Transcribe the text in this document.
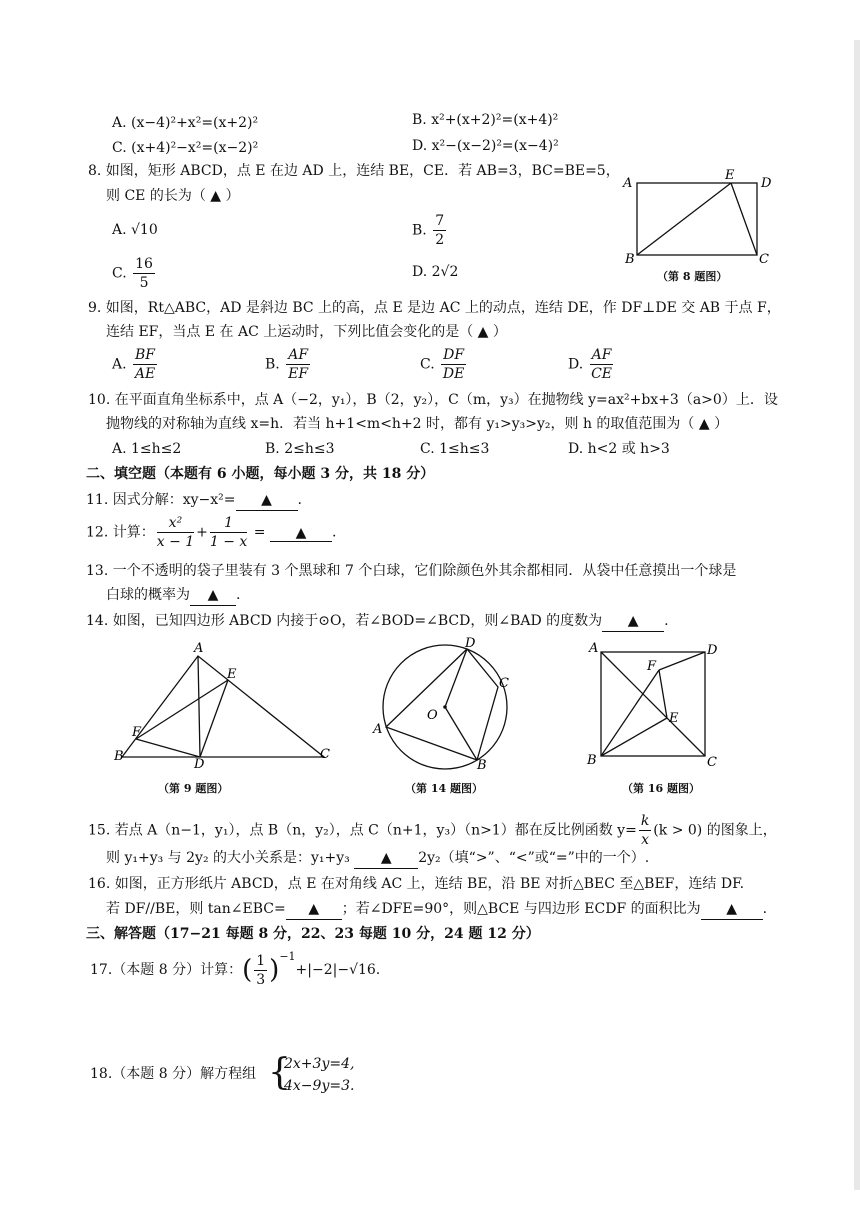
A. (x−4)²+x²=(x+2)²	B. x²+(x+2)²=(x+4)²
C. (x+4)²−x²=(x−2)²	D. x²−(x−2)²=(x−4)²
8. 如图，矩形 ABCD，点 E 在边 AD 上，连结 BE，CE．若 AB=3，BC=BE=5，
则 CE 的长为（ ▲ ）
A. √10	B. $\frac{7}{2}$
C. $\frac{16}{5}$	D. 2√2
A
E
D
B	C
（第 8 题图）
9. 如图，Rt△ABC，AD 是斜边 BC 上的高，点 E 是边 AC 上的动点，连结 DE，作 DF⊥DE 交 AB 于点 F，
连结 EF，当点 E 在 AC 上运动时，下列比值会变化的是（ ▲ ）
A. $\frac{BF}{AE}$	B. $\frac{AF}{EF}$	C. $\frac{DF}{DE}$	D. $\frac{AF}{CE}$
10. 在平面直角坐标系中，点 A（−2，y₁），B（2，y₂），C（m，y₃）在抛物线 y=ax²+bx+3（a>0）上．设
抛物线的对称轴为直线 x=h．若当 h+1<m<h+2 时，都有 y₁>y₃>y₂，则 h 的取值范围为（ ▲ ）
A. 1≤h≤2	B. 2≤h≤3	C. 1≤h≤3	D. h<2 或 h>3
二、填空题（本题有 6 小题，每小题 3 分，共 18 分）
11. 因式分解：xy−x²= ▲ .
12. 计算： $\frac{\text{x²}}{x - 1} + \frac{1}{1 - x}$ = ▲ .
13. 一个不透明的袋子里装有 3 个黑球和 7 个白球，它们除颜色外其余都相同．从袋中任意摸出一个球是
白球的概率为 ▲ .
14. 如图，已知四边形 ABCD 内接于⊙O，若∠BOD=∠BCD，则∠BAD 的度数为 ▲ .
A
E
F
B
D
C
（第 9 题图）
D
C
O
A
B
（第 14 题图）
A	D
F
E
B	C
（第 16 题图）
15. 若点 A（n−1，y₁），点 B（n，y₂），点 C（n+1，y₃）（n>1）都在反比例函数 $y= \frac{k}{x} (k > 0)$ 的图象上，
则 y₁+y₃ 与 2y₂ 的大小关系是：y₁+y₃ ▲ 2y₂（填“>”、“<”或“=”中的一个）.
16. 如图，正方形纸片 ABCD，点 E 在对角线 AC 上，连结 BE，沿 BE 对折△BEC 至△BEF，连结 DF.
若 DF//BE，则 tan∠EBC= ▲ ；若∠DFE=90°，则△BCE 与四边形 ECDF 的面积比为 ▲ .
三、解答题（17−21 每题 8 分，22、23 每题 10 分，24 题 12 分）
17.（本题 8 分）计算：( $\frac{1}{3} )^{-1}+|-2|-√16$.
18.（本题 8 分）解方程组 {
2x+3y=4,
4x−9y=3.
